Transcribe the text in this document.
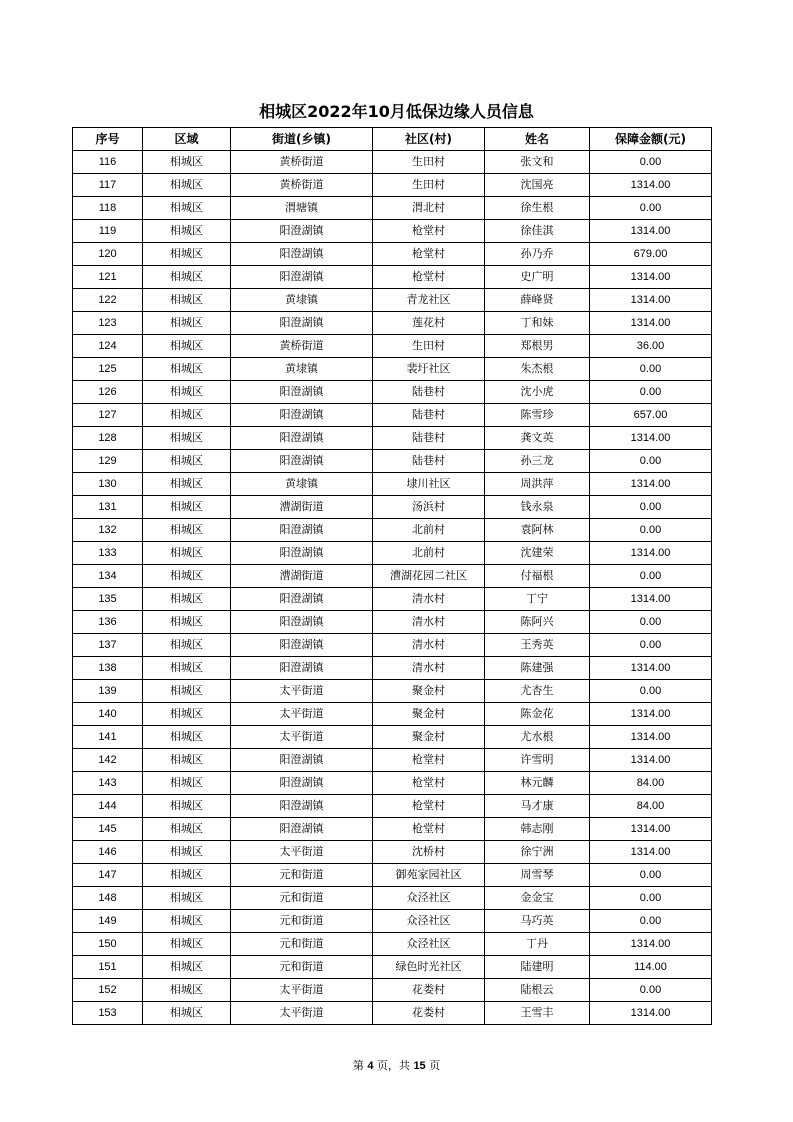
相城区2022年10月低保边缘人员信息
序号	区域	街道(乡镇)	社区(村)	姓名	保障金额(元)
116	相城区	黄桥街道	生田村	张文和	0.00
117	相城区	黄桥街道	生田村	沈国亮	1314.00
118	相城区	渭塘镇	渭北村	徐生根	0.00
119	相城区	阳澄湖镇	枪堂村	徐佳淇	1314.00
120	相城区	阳澄湖镇	枪堂村	孙乃乔	679.00
121	相城区	阳澄湖镇	枪堂村	史广明	1314.00
122	相城区	黄埭镇	青龙社区	薛峰贤	1314.00
123	相城区	阳澄湖镇	莲花村	丁和妹	1314.00
124	相城区	黄桥街道	生田村	郑根男	36.00
125	相城区	黄埭镇	裴圩社区	朱杰根	0.00
126	相城区	阳澄湖镇	陆巷村	沈小虎	0.00
127	相城区	阳澄湖镇	陆巷村	陈雪珍	657.00
128	相城区	阳澄湖镇	陆巷村	龚文英	1314.00
129	相城区	阳澄湖镇	陆巷村	孙三龙	0.00
130	相城区	黄埭镇	埭川社区	周洪萍	1314.00
131	相城区	漕湖街道	汤浜村	钱永泉	0.00
132	相城区	阳澄湖镇	北前村	袁阿林	0.00
133	相城区	阳澄湖镇	北前村	沈建荣	1314.00
134	相城区	漕湖街道	漕湖花园二社区	付福根	0.00
135	相城区	阳澄湖镇	清水村	丁宁	1314.00
136	相城区	阳澄湖镇	清水村	陈阿兴	0.00
137	相城区	阳澄湖镇	清水村	王秀英	0.00
138	相城区	阳澄湖镇	清水村	陈建强	1314.00
139	相城区	太平街道	聚金村	尤杏生	0.00
140	相城区	太平街道	聚金村	陈金花	1314.00
141	相城区	太平街道	聚金村	尤水根	1314.00
142	相城区	阳澄湖镇	枪堂村	许雪明	1314.00
143	相城区	阳澄湖镇	枪堂村	林元麟	84.00
144	相城区	阳澄湖镇	枪堂村	马才康	84.00
145	相城区	阳澄湖镇	枪堂村	韩志刚	1314.00
146	相城区	太平街道	沈桥村	徐宁洲	1314.00
147	相城区	元和街道	御苑家园社区	周雪琴	0.00
148	相城区	元和街道	众泾社区	金金宝	0.00
149	相城区	元和街道	众泾社区	马巧英	0.00
150	相城区	元和街道	众泾社区	丁丹	1314.00
151	相城区	元和街道	绿色时光社区	陆建明	114.00
152	相城区	太平街道	花娄村	陆根云	0.00
153	相城区	太平街道	花娄村	王雪丰	1314.00
第 4 页，共 15 页
